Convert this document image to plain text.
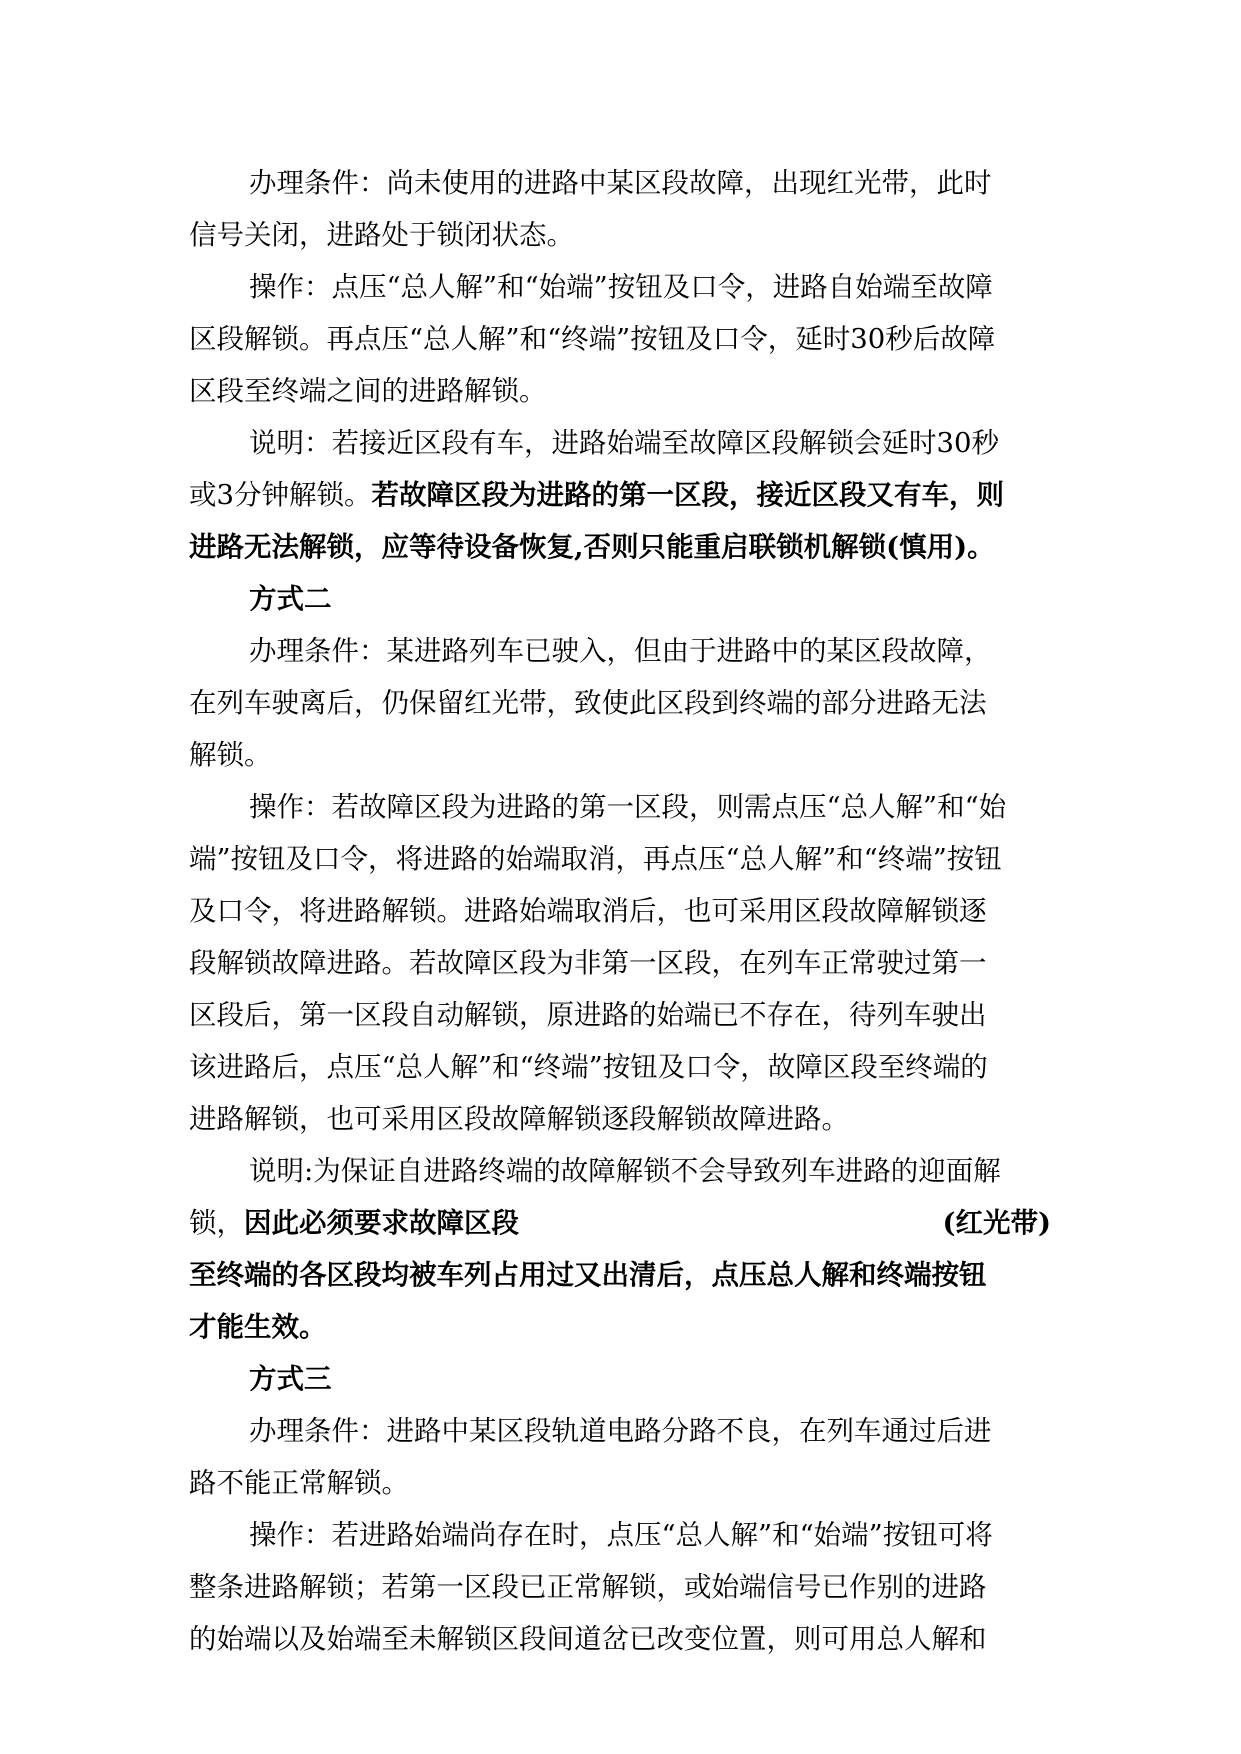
办理条件：尚未使用的进路中某区段故障，出现红光带，此时
信号关闭，进路处于锁闭状态。
操作：点压“总人解”和“始端”按钮及口令，进路自始端至故障
区段解锁。再点压“总人解”和“终端”按钮及口令，延时30秒后故障
区段至终端之间的进路解锁。
说明：若接近区段有车，进路始端至故障区段解锁会延时30秒
或3分钟解锁。若故障区段为进路的第一区段，接近区段又有车，则
进路无法解锁，应等待设备恢复,否则只能重启联锁机解锁(慎用)。
方式二
办理条件：某进路列车已驶入，但由于进路中的某区段故障，
在列车驶离后，仍保留红光带，致使此区段到终端的部分进路无法
解锁。
操作：若故障区段为进路的第一区段，则需点压“总人解”和“始
端”按钮及口令，将进路的始端取消，再点压“总人解”和“终端”按钮
及口令，将进路解锁。进路始端取消后，也可采用区段故障解锁逐
段解锁故障进路。若故障区段为非第一区段，在列车正常驶过第一
区段后，第一区段自动解锁，原进路的始端已不存在，待列车驶出
该进路后，点压“总人解”和“终端”按钮及口令，故障区段至终端的
进路解锁，也可采用区段故障解锁逐段解锁故障进路。
说明:为保证自进路终端的故障解锁不会导致列车进路的迎面解
锁，因此必须要求故障区段	(红光带)
至终端的各区段均被车列占用过又出清后，点压总人解和终端按钮
才能生效。
方式三
办理条件：进路中某区段轨道电路分路不良，在列车通过后进
路不能正常解锁。
操作：若进路始端尚存在时，点压“总人解”和“始端”按钮可将
整条进路解锁；若第一区段已正常解锁，或始端信号已作别的进路
的始端以及始端至未解锁区段间道岔已改变位置，则可用总人解和
